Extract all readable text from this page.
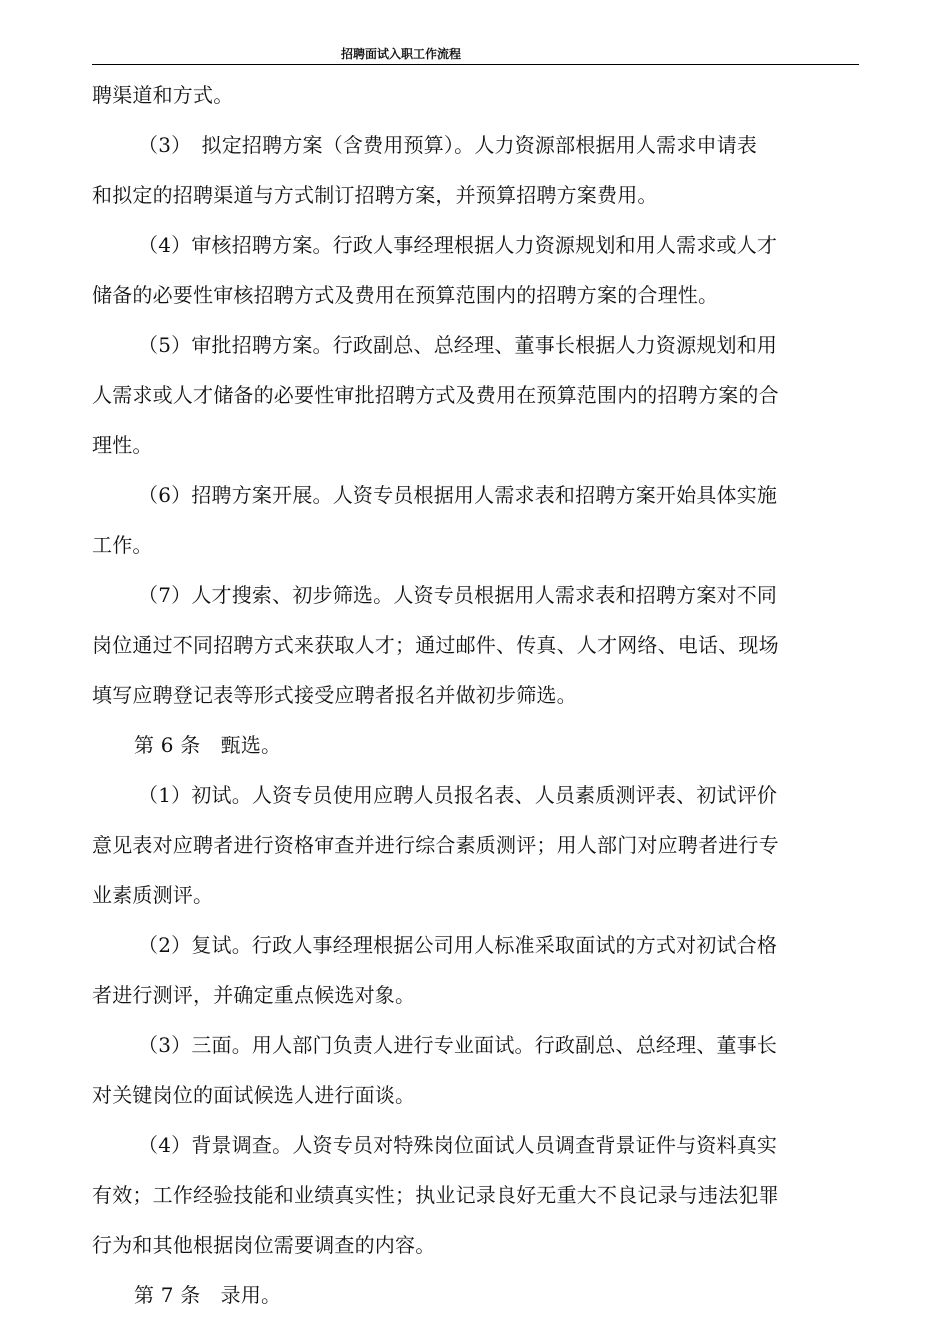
招聘面试入职工作流程

聘渠道和方式。

（3）　拟定招聘方案（含费用预算）。人力资源部根据用人需求申请表

和拟定的招聘渠道与方式制订招聘方案，并预算招聘方案费用。

（4）审核招聘方案。行政人事经理根据人力资源规划和用人需求或人才

储备的必要性审核招聘方式及费用在预算范围内的招聘方案的合理性。

（5）审批招聘方案。行政副总、总经理、董事长根据人力资源规划和用

人需求或人才储备的必要性审批招聘方式及费用在预算范围内的招聘方案的合

理性。

（6）招聘方案开展。人资专员根据用人需求表和招聘方案开始具体实施

工作。

（7）人才搜索、初步筛选。人资专员根据用人需求表和招聘方案对不同

岗位通过不同招聘方式来获取人才；通过邮件、传真、人才网络、电话、现场

填写应聘登记表等形式接受应聘者报名并做初步筛选。

第 6 条　甄选。

（1）初试。人资专员使用应聘人员报名表、人员素质测评表、初试评价

意见表对应聘者进行资格审查并进行综合素质测评；用人部门对应聘者进行专

业素质测评。

（2）复试。行政人事经理根据公司用人标准采取面试的方式对初试合格

者进行测评，并确定重点候选对象。

（3）三面。用人部门负责人进行专业面试。行政副总、总经理、董事长

对关键岗位的面试候选人进行面谈。

（4）背景调查。人资专员对特殊岗位面试人员调查背景证件与资料真实

有效；工作经验技能和业绩真实性；执业记录良好无重大不良记录与违法犯罪

行为和其他根据岗位需要调查的内容。

第 7 条　录用。
